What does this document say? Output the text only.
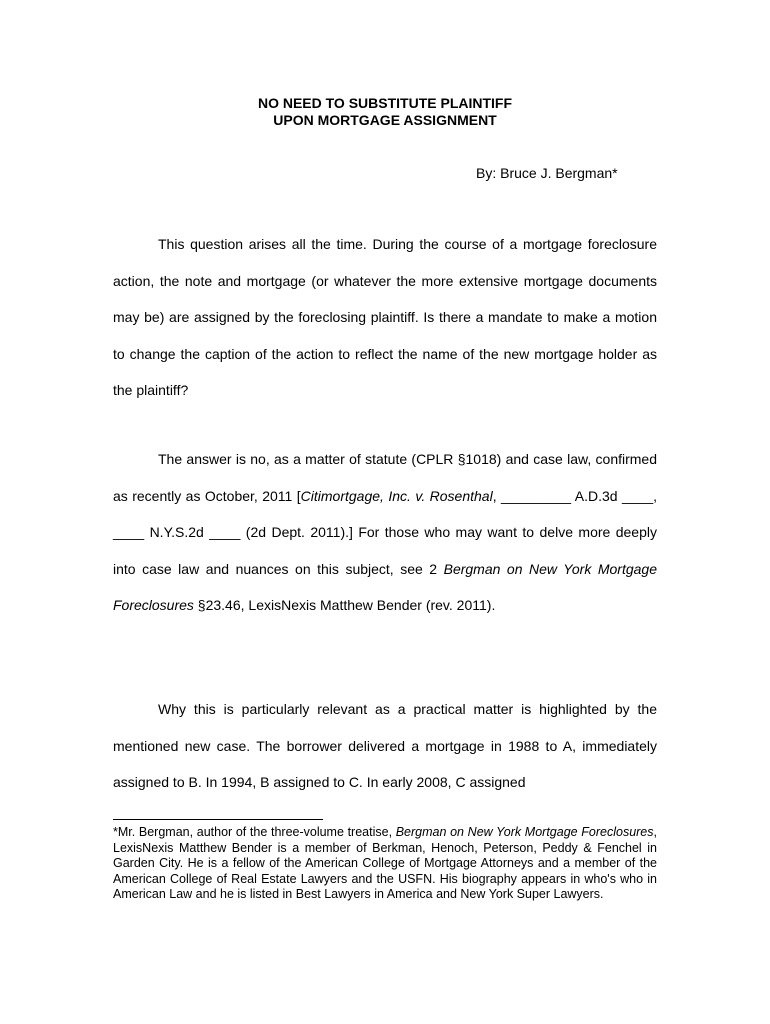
NO NEED TO SUBSTITUTE PLAINTIFF
UPON MORTGAGE ASSIGNMENT
By: Bruce J. Bergman*

This question arises all the time. During the course of a mortgage foreclosure action, the note and mortgage (or whatever the more extensive mortgage documents may be) are assigned by the foreclosing plaintiff. Is there a mandate to make a motion to change the caption of the action to reflect the name of the new mortgage holder as the plaintiff?

The answer is no, as a matter of statute (CPLR §1018) and case law, confirmed as recently as October, 2011 [Citimortgage, Inc. v. Rosenthal, _________ A.D.3d ____, ____ N.Y.S.2d ____ (2d Dept. 2011).] For those who may want to delve more deeply into case law and nuances on this subject, see 2 Bergman on New York Mortgage Foreclosures §23.46, LexisNexis Matthew Bender (rev. 2011).

Why this is particularly relevant as a practical matter is highlighted by the mentioned new case. The borrower delivered a mortgage in 1988 to A, immediately assigned to B. In 1994, B assigned to C. In early 2008, C assigned

*Mr. Bergman, author of the three-volume treatise, Bergman on New York Mortgage Foreclosures, LexisNexis Matthew Bender is a member of Berkman, Henoch, Peterson, Peddy & Fenchel in Garden City. He is a fellow of the American College of Mortgage Attorneys and a member of the American College of Real Estate Lawyers and the USFN. His biography appears in who's who in American Law and he is listed in Best Lawyers in America and New York Super Lawyers.
